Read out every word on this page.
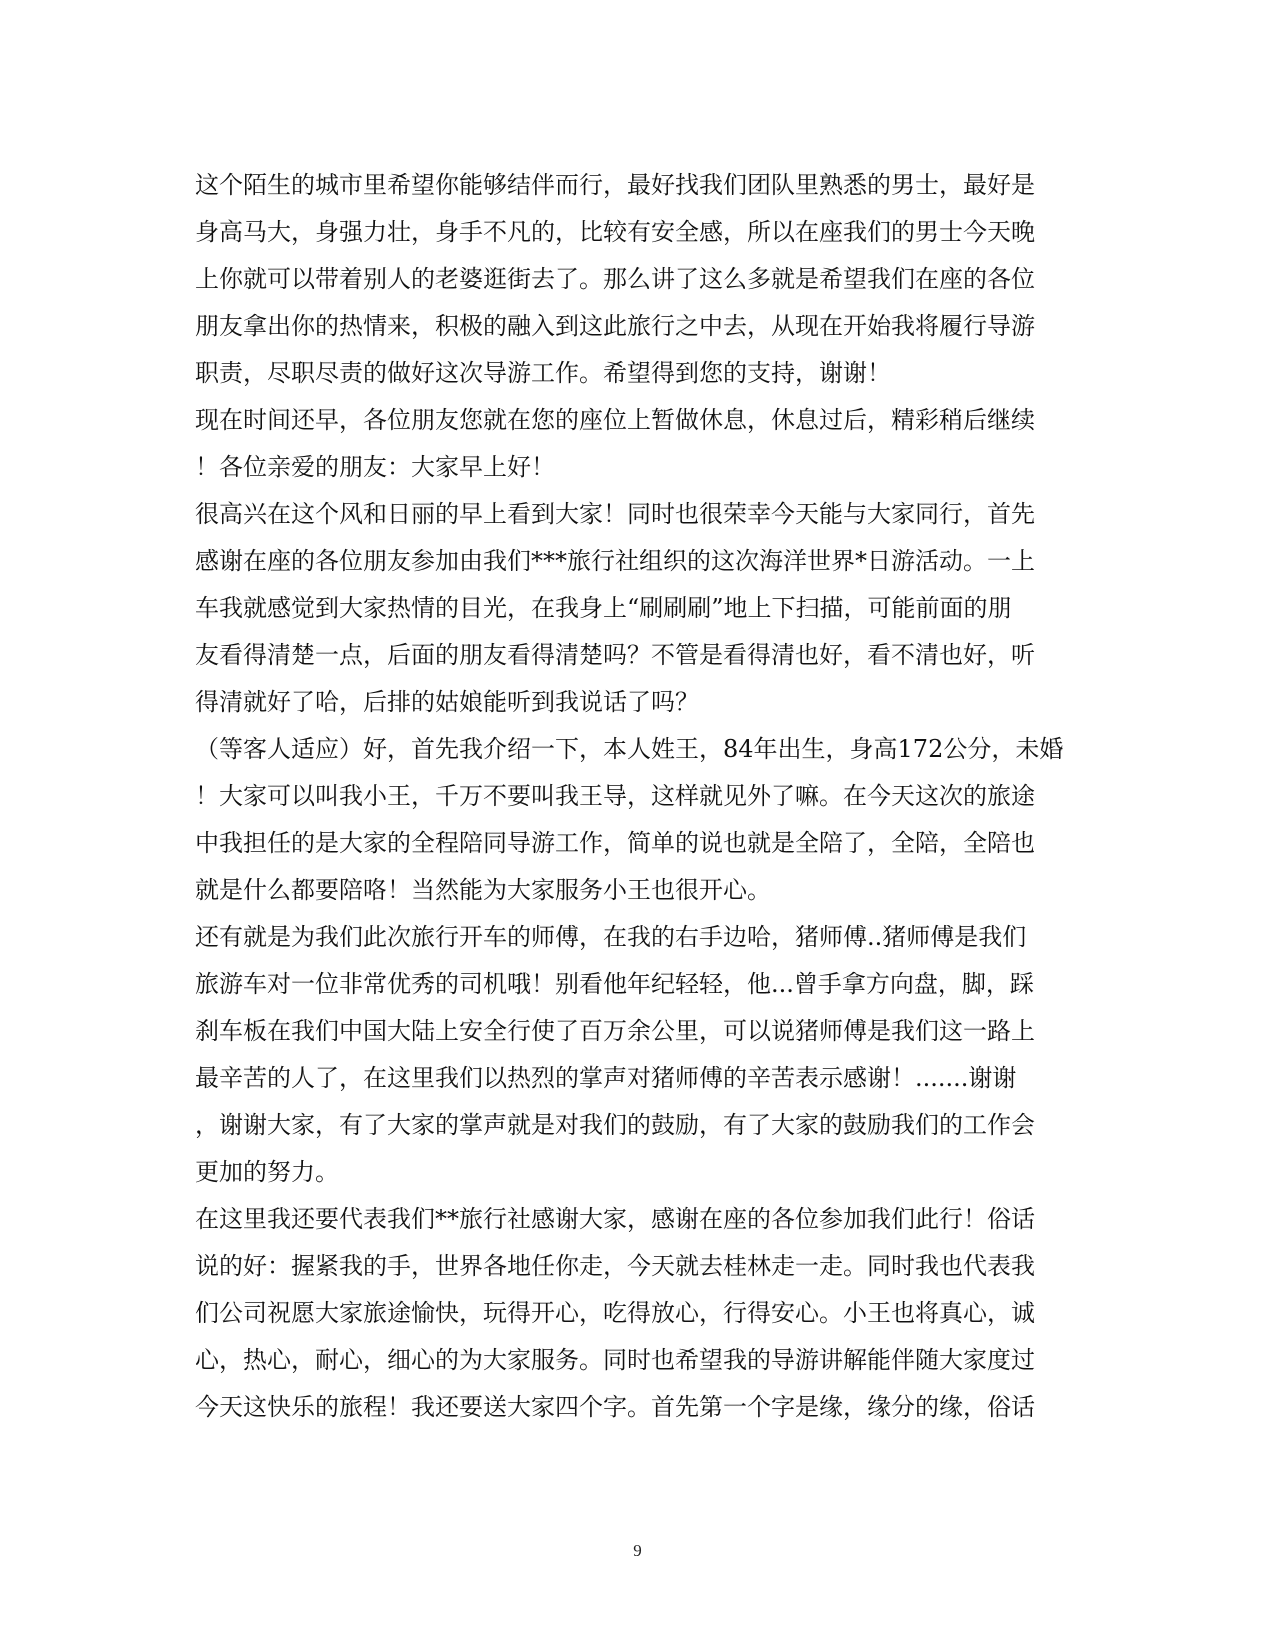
这个陌生的城市里希望你能够结伴而行，最好找我们团队里熟悉的男士，最好是
身高马大，身强力壮，身手不凡的，比较有安全感，所以在座我们的男士今天晚
上你就可以带着别人的老婆逛街去了。那么讲了这么多就是希望我们在座的各位
朋友拿出你的热情来，积极的融入到这此旅行之中去，从现在开始我将履行导游
职责，尽职尽责的做好这次导游工作。希望得到您的支持，谢谢！
现在时间还早，各位朋友您就在您的座位上暂做休息，休息过后，精彩稍后继续
！各位亲爱的朋友：大家早上好！
很高兴在这个风和日丽的早上看到大家！同时也很荣幸今天能与大家同行，首先
感谢在座的各位朋友参加由我们***旅行社组织的这次海洋世界*日游活动。一上
车我就感觉到大家热情的目光，在我身上“刷刷刷”地上下扫描，可能前面的朋
友看得清楚一点，后面的朋友看得清楚吗？不管是看得清也好，看不清也好，听
得清就好了哈，后排的姑娘能听到我说话了吗？
（等客人适应）好，首先我介绍一下，本人姓王，84年出生，身高172公分，未婚
！大家可以叫我小王，千万不要叫我王导，这样就见外了嘛。在今天这次的旅途
中我担任的是大家的全程陪同导游工作，简单的说也就是全陪了，全陪，全陪也
就是什么都要陪咯！当然能为大家服务小王也很开心。
还有就是为我们此次旅行开车的师傅，在我的右手边哈，猪师傅..猪师傅是我们
旅游车对一位非常优秀的司机哦！别看他年纪轻轻，他...曾手拿方向盘，脚，踩
刹车板在我们中国大陆上安全行使了百万余公里，可以说猪师傅是我们这一路上
最辛苦的人了，在这里我们以热烈的掌声对猪师傅的辛苦表示感谢！.......谢谢
，谢谢大家，有了大家的掌声就是对我们的鼓励，有了大家的鼓励我们的工作会
更加的努力。
在这里我还要代表我们**旅行社感谢大家，感谢在座的各位参加我们此行！俗话
说的好：握紧我的手，世界各地任你走，今天就去桂林走一走。同时我也代表我
们公司祝愿大家旅途愉快，玩得开心，吃得放心，行得安心。小王也将真心，诚
心，热心，耐心，细心的为大家服务。同时也希望我的导游讲解能伴随大家度过
今天这快乐的旅程！我还要送大家四个字。首先第一个字是缘，缘分的缘，俗话
9
